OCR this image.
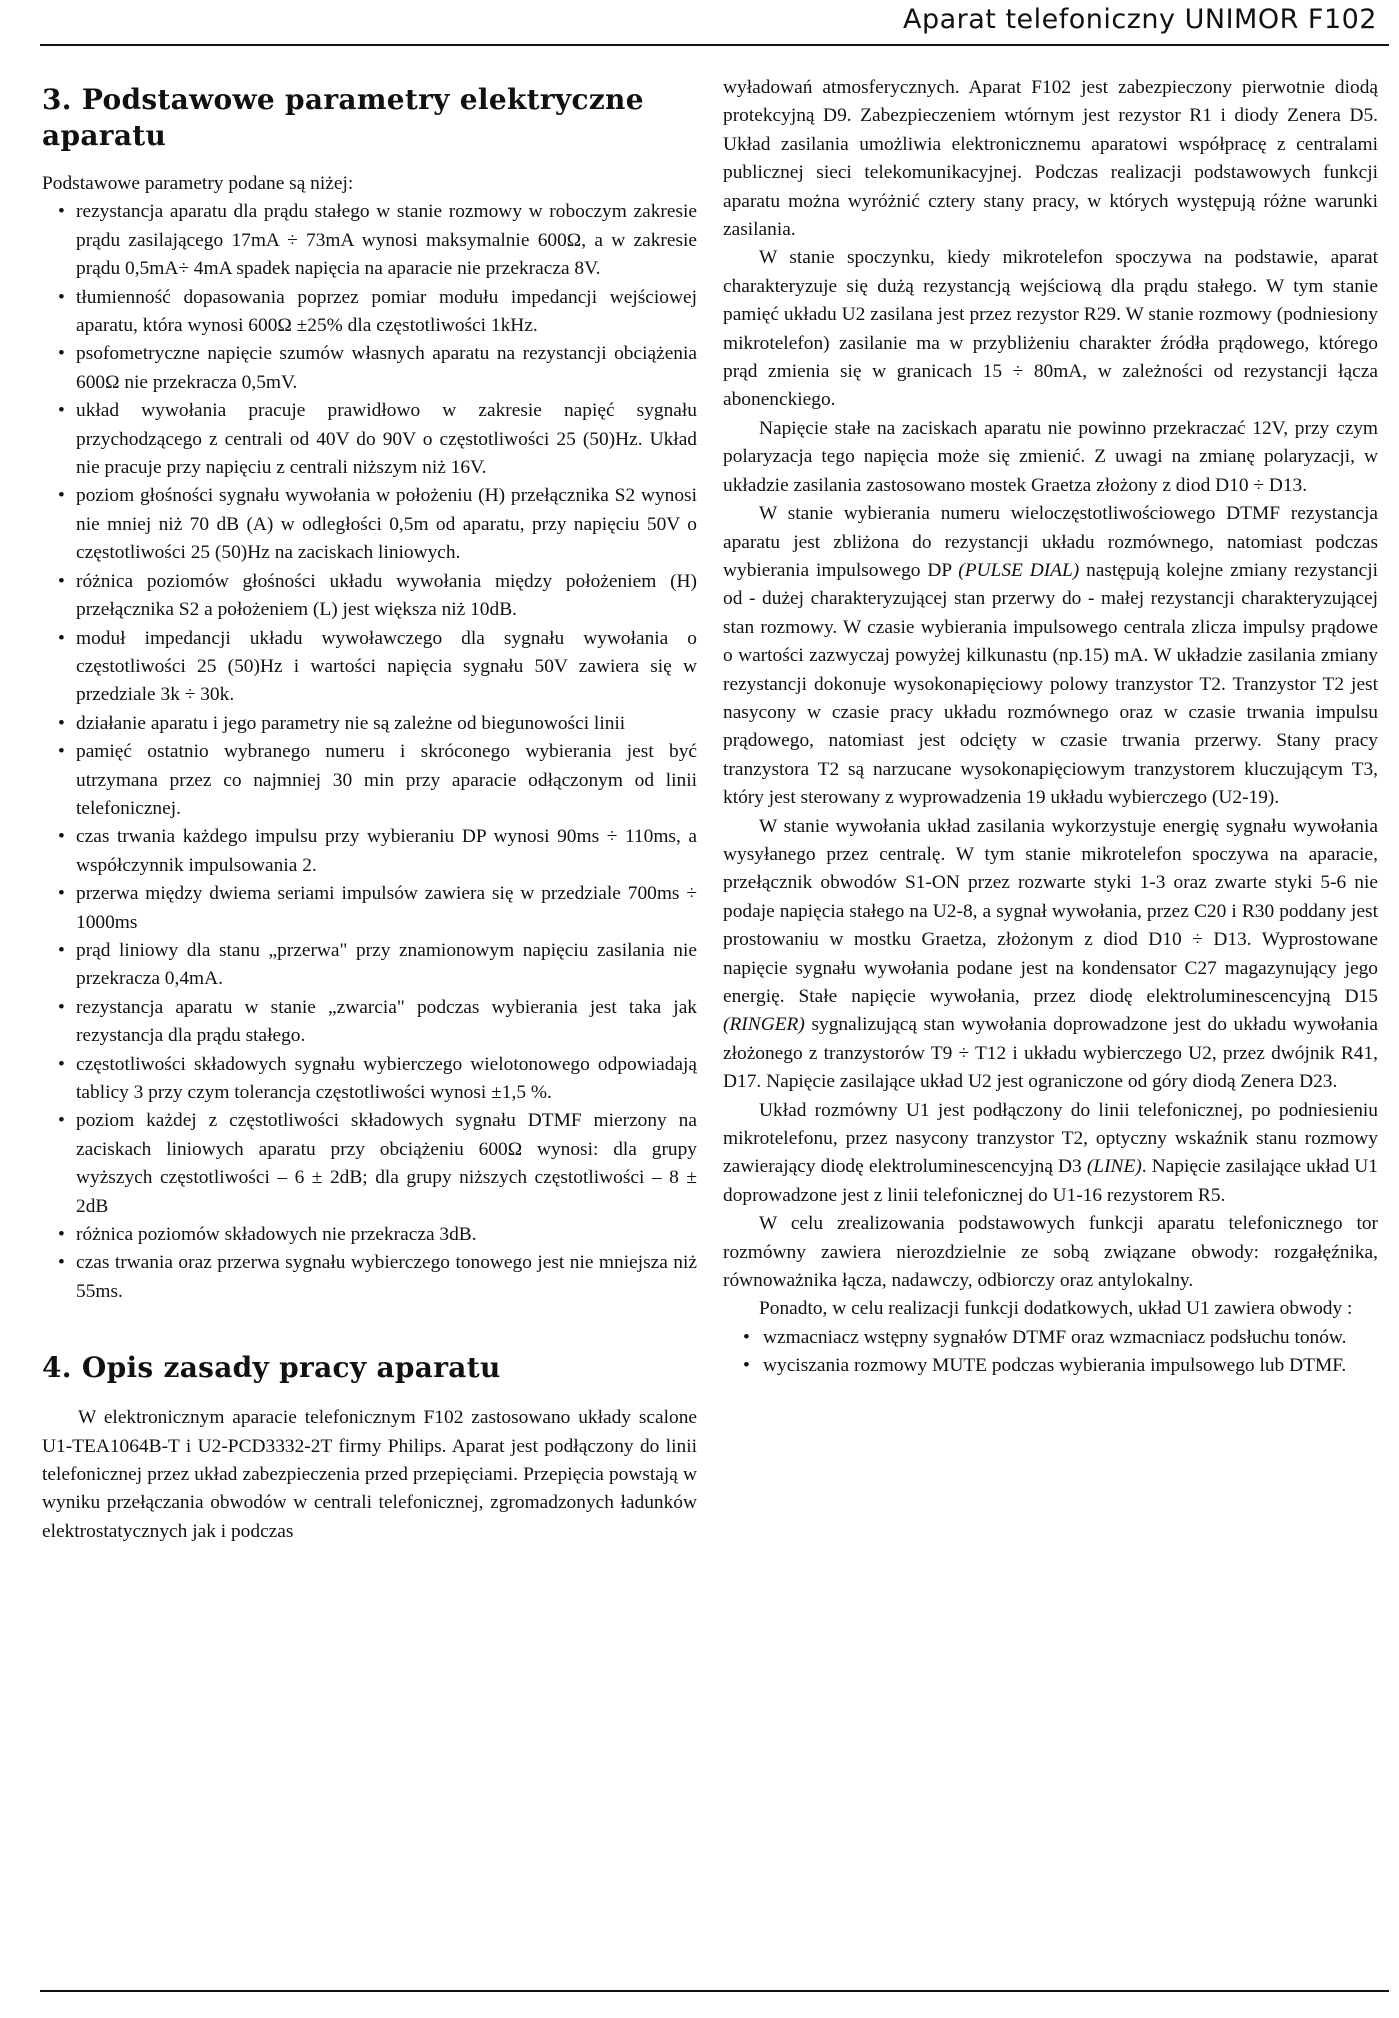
Aparat telefoniczny UNIMOR F102
3. Podstawowe parametry elektryczne aparatu

Podstawowe parametry podane są niżej:

• rezystancja aparatu dla prądu stałego w stanie rozmowy w roboczym zakresie prądu zasilającego 17mA ÷ 73mA wynosi maksymalnie 600Ω, a w zakresie prądu 0,5mA÷ 4mA spadek napięcia na aparacie nie przekracza 8V.
• tłumienność dopasowania poprzez pomiar modułu impedancji wejściowej aparatu, która wynosi 600Ω ±25% dla częstotliwości 1kHz.
• psofometryczne napięcie szumów własnych aparatu na rezystancji obciążenia 600Ω nie przekracza 0,5mV.
• układ wywołania pracuje prawidłowo w zakresie napięć sygnału przychodzącego z centrali od 40V do 90V o częstotliwości 25 (50)Hz. Układ nie pracuje przy napięciu z centrali niższym niż 16V.
• poziom głośności sygnału wywołania w położeniu (H) przełącznika S2 wynosi nie mniej niż 70 dB (A) w odległości 0,5m od aparatu, przy napięciu 50V o częstotliwości 25 (50)Hz na zaciskach liniowych.
• różnica poziomów głośności układu wywołania między położeniem (H) przełącznika S2 a położeniem (L) jest większa niż 10dB.
• moduł impedancji układu wywoławczego dla sygnału wywołania o częstotliwości 25 (50)Hz i wartości napięcia sygnału 50V zawiera się w przedziale 3k ÷ 30k.
• działanie aparatu i jego parametry nie są zależne od biegunowości linii
• pamięć ostatnio wybranego numeru i skróconego wybierania jest być utrzymana przez co najmniej 30 min przy aparacie odłączonym od linii telefonicznej.
• czas trwania każdego impulsu przy wybieraniu DP wynosi 90ms ÷ 110ms, a współczynnik impulsowania 2.
• przerwa między dwiema seriami impulsów zawiera się w przedziale 700ms ÷ 1000ms
• prąd liniowy dla stanu „przerwa" przy znamionowym napięciu zasilania nie przekracza 0,4mA.
• rezystancja aparatu w stanie „zwarcia" podczas wybierania jest taka jak rezystancja dla prądu stałego.
• częstotliwości składowych sygnału wybierczego wielotonowego odpowiadają tablicy 3 przy czym tolerancja częstotliwości wynosi ±1,5 %.
• poziom każdej z częstotliwości składowych sygnału DTMF mierzony na zaciskach liniowych aparatu przy obciążeniu 600Ω wynosi: dla grupy wyższych częstotliwości – 6 ± 2dB; dla grupy niższych częstotliwości – 8 ± 2dB
• różnica poziomów składowych nie przekracza 3dB.
• czas trwania oraz przerwa sygnału wybierczego tonowego jest nie mniejsza niż 55ms.
4. Opis zasady pracy aparatu

W elektronicznym aparacie telefonicznym F102 zastosowano układy scalone U1-TEA1064B-T i U2-PCD3332-2T firmy Philips. Aparat jest podłączony do linii telefonicznej przez układ zabezpieczenia przed przepięciami. Przepięcia powstają w wyniku przełączania obwodów w centrali telefonicznej, zgromadzonych ładunków elektrostatycznych jak i podczas

wyładowań atmosferycznych. Aparat F102 jest zabezpieczony pierwotnie diodą protekcyjną D9. Zabezpieczeniem wtórnym jest rezystor R1 i diody Zenera D5. Układ zasilania umożliwia elektronicznemu aparatowi współpracę z centralami publicznej sieci telekomunikacyjnej. Podczas realizacji podstawowych funkcji aparatu można wyróżnić cztery stany pracy, w których występują różne warunki zasilania.

W stanie spoczynku, kiedy mikrotelefon spoczywa na podstawie, aparat charakteryzuje się dużą rezystancją wejściową dla prądu stałego. W tym stanie pamięć układu U2 zasilana jest przez rezystor R29. W stanie rozmowy (podniesiony mikrotelefon) zasilanie ma w przybliżeniu charakter źródła prądowego, którego prąd zmienia się w granicach 15 ÷ 80mA, w zależności od rezystancji łącza abonenckiego.

Napięcie stałe na zaciskach aparatu nie powinno przekraczać 12V, przy czym polaryzacja tego napięcia może się zmienić. Z uwagi na zmianę polaryzacji, w układzie zasilania zastosowano mostek Graetza złożony z diod D10 ÷ D13.

W stanie wybierania numeru wieloczęstotliwościowego DTMF rezystancja aparatu jest zbliżona do rezystancji układu rozmównego, natomiast podczas wybierania impulsowego DP (PULSE DIAL) następują kolejne zmiany rezystancji od - dużej charakteryzującej stan przerwy do - małej rezystancji charakteryzującej stan rozmowy. W czasie wybierania impulsowego centrala zlicza impulsy prądowe o wartości zazwyczaj powyżej kilkunastu (np.15) mA. W układzie zasilania zmiany rezystancji dokonuje wysokonapięciowy polowy tranzystor T2. Tranzystor T2 jest nasycony w czasie pracy układu rozmównego oraz w czasie trwania impulsu prądowego, natomiast jest odcięty w czasie trwania przerwy. Stany pracy tranzystora T2 są narzucane wysokonapięciowym tranzystorem kluczującym T3, który jest sterowany z wyprowadzenia 19 układu wybierczego (U2-19).

W stanie wywołania układ zasilania wykorzystuje energię sygnału wywołania wysyłanego przez centralę. W tym stanie mikrotelefon spoczywa na aparacie, przełącznik obwodów S1-ON przez rozwarte styki 1-3 oraz zwarte styki 5-6 nie podaje napięcia stałego na U2-8, a sygnał wywołania, przez C20 i R30 poddany jest prostowaniu w mostku Graetza, złożonym z diod D10 ÷ D13. Wyprostowane napięcie sygnału wywołania podane jest na kondensator C27 magazynujący jego energię. Stałe napięcie wywołania, przez diodę elektroluminescencyjną D15 (RINGER) sygnalizującą stan wywołania doprowadzone jest do układu wywołania złożonego z tranzystorów T9 ÷ T12 i układu wybierczego U2, przez dwójnik R41, D17. Napięcie zasilające układ U2 jest ograniczone od góry diodą Zenera D23.

Układ rozmówny U1 jest podłączony do linii telefonicznej, po podniesieniu mikrotelefonu, przez nasycony tranzystor T2, optyczny wskaźnik stanu rozmowy zawierający diodę elektroluminescencyjną D3 (LINE). Napięcie zasilające układ U1 doprowadzone jest z linii telefonicznej do U1-16 rezystorem R5.

W celu zrealizowania podstawowych funkcji aparatu telefonicznego tor rozmówny zawiera nierozdzielnie ze sobą związane obwody: rozgałęźnika, równoważnika łącza, nadawczy, odbiorczy oraz antylokalny.

Ponadto, w celu realizacji funkcji dodatkowych, układ U1 zawiera obwody :

• wzmacniacz wstępny sygnałów DTMF oraz wzmacniacz podsłuchu tonów.
• wyciszania rozmowy MUTE podczas wybierania impulsowego lub DTMF.
